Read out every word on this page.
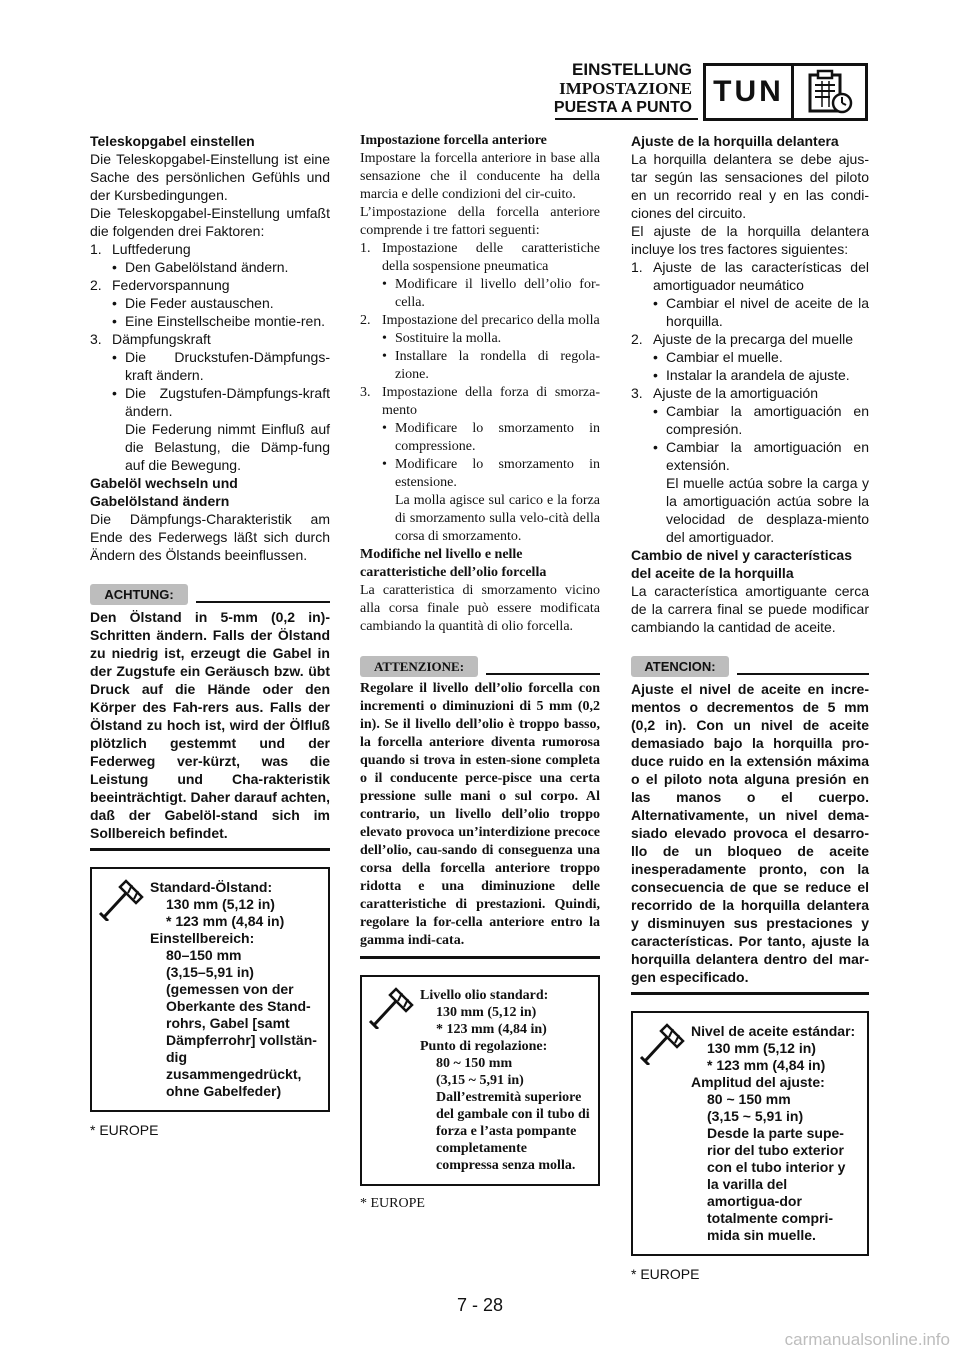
EINSTELLUNG
IMPOSTAZIONE
PUESTA A PUNTO TUN

Teleskopgabel einstellen

Die Teleskopgabel-Einstellung ist eine Sache des persönlichen Gefühls und der Kursbedingungen.

Die Teleskopgabel-Einstellung umfaßt die folgenden drei Faktoren:

1. Luftfederung

• Den Gabelölstand ändern.

2. Federvorspannung

• Die Feder austauschen.

• Eine Einstellscheibe montie-ren.

3. Dämpfungskraft

• Die Druckstufen-Dämpfungs-kraft ändern.

• Die Zugstufen-Dämpfungs-kraft ändern.

Die Federung nimmt Einfluß auf die Belastung, die Dämp-fung auf die Bewegung.

Gabelöl wechseln und

Gabelölstand ändern

Die Dämpfungs-Charakteristik am Ende des Federwegs läßt sich durch Ändern des Ölstands beeinflussen.

ACHTUNG:

Den Ölstand in 5-mm (0,2 in)-Schritten ändern. Falls der Ölstand zu niedrig ist, erzeugt die Gabel in der Zugstufe ein Geräusch bzw. übt Druck auf die Hände oder den Körper des Fah-rers aus. Falls der Ölstand zu hoch ist, wird der Ölfluß plötzlich gestemmt und der Federweg ver-kürzt, was die Leistung und Cha-rakteristik beeinträchtigt. Daher darauf achten, daß der Gabelöl-stand sich im Sollbereich befindet.

Standard-Ölstand:
130 mm (5,12 in)
* 123 mm (4,84 in)
Einstellbereich:
80–150 mm
(3,15–5,91 in)
(gemessen von der Oberkante des Stand-rohrs, Gabel [samt Dämpferrohr] vollstän-dig zusammengedrückt, ohne Gabelfeder)
* EUROPE

Impostazione forcella anteriore

Impostare la forcella anteriore in base alla sensazione che il conducente ha della marcia e delle condizioni del cir-cuito.

L’impostazione della forcella anteriore comprende i tre fattori seguenti:

1. Impostazione delle caratteristiche della sospensione pneumatica

• Modificare il livello dell’olio for-cella.

2. Impostazione del precarico della molla

• Sostituire la molla.

• Installare la rondella di regola-zione.

3. Impostazione della forza di smorza-mento

• Modificare lo smorzamento in compressione.

• Modificare lo smorzamento in estensione.

La molla agisce sul carico e la forza di smorzamento sulla velo-cità della corsa di smorzamento.

Modifiche nel livello e nelle

caratteristiche dell’olio forcella

La caratteristica di smorzamento vicino alla corsa finale può essere modificata cambiando la quantità di olio forcella.

ATTENZIONE:

Regolare il livello dell’olio forcella con incrementi o diminuzioni di 5 mm (0,2 in). Se il livello dell’olio è troppo basso, la forcella anteriore diventa rumorosa quando si trova in esten-sione completa o il conducente perce-pisce una certa pressione sulle mani o sul corpo. Al contrario, un livello dell’olio troppo elevato provoca un’interdizione precoce dell’olio, cau-sando di conseguenza una corsa della forcella anteriore troppo ridotta e una diminuzione delle caratteristiche di prestazioni. Quindi, regolare la for-cella anteriore entro la gamma indi-cata.

Livello olio standard:
130 mm (5,12 in)
* 123 mm (4,84 in)
Punto di regolazione:
80 ~ 150 mm
(3,15 ~ 5,91 in)
Dall’estremità superiore del gambale con il tubo di forza e l’asta pompante completamente compressa senza molla.
* EUROPE

Ajuste de la horquilla delantera

La horquilla delantera se debe ajus-tar según las sensaciones del piloto en un recorrido real y en las condi-ciones del circuito.

El ajuste de la horquilla delantera incluye los tres factores siguientes:

1. Ajuste de las características del amortiguador neumático

• Cambiar el nivel de aceite de la horquilla.

2. Ajuste de la precarga del muelle

• Cambiar el muelle.

• Instalar la arandela de ajuste.

3. Ajuste de la amortiguación

• Cambiar la amortiguación en compresión.

• Cambiar la amortiguación en extensión.

El muelle actúa sobre la carga y la amortiguación actúa sobre la velocidad de desplaza-miento del amortiguador.

Cambio de nivel y características

del aceite de la horquilla

La característica amortiguante cerca de la carrera final se puede modificar cambiando la cantidad de aceite.

ATENCION:

Ajuste el nivel de aceite en incre-mentos o decrementos de 5 mm (0,2 in). Con un nivel de aceite demasiado bajo la horquilla pro-duce ruido en la extensión máxima o el piloto nota alguna presión en las manos o el cuerpo. Alternativamente, un nivel dema-siado elevado provoca el desarro-llo de un bloqueo de aceite inesperadamente pronto, con la consecuencia de que se reduce el recorrido de la horquilla delantera y disminuyen sus prestaciones y características. Por tanto, ajuste la horquilla delantera dentro del mar-gen especificado.

Nivel de aceite estándar:
130 mm (5,12 in)
* 123 mm (4,84 in)
Amplitud del ajuste:
80 ~ 150 mm
(3,15 ~ 5,91 in)
Desde la parte supe-rior del tubo exterior con el tubo interior y la varilla del amortigua-dor totalmente compri-mida sin muelle.
* EUROPE
7 - 28
carmanualsonline.info
